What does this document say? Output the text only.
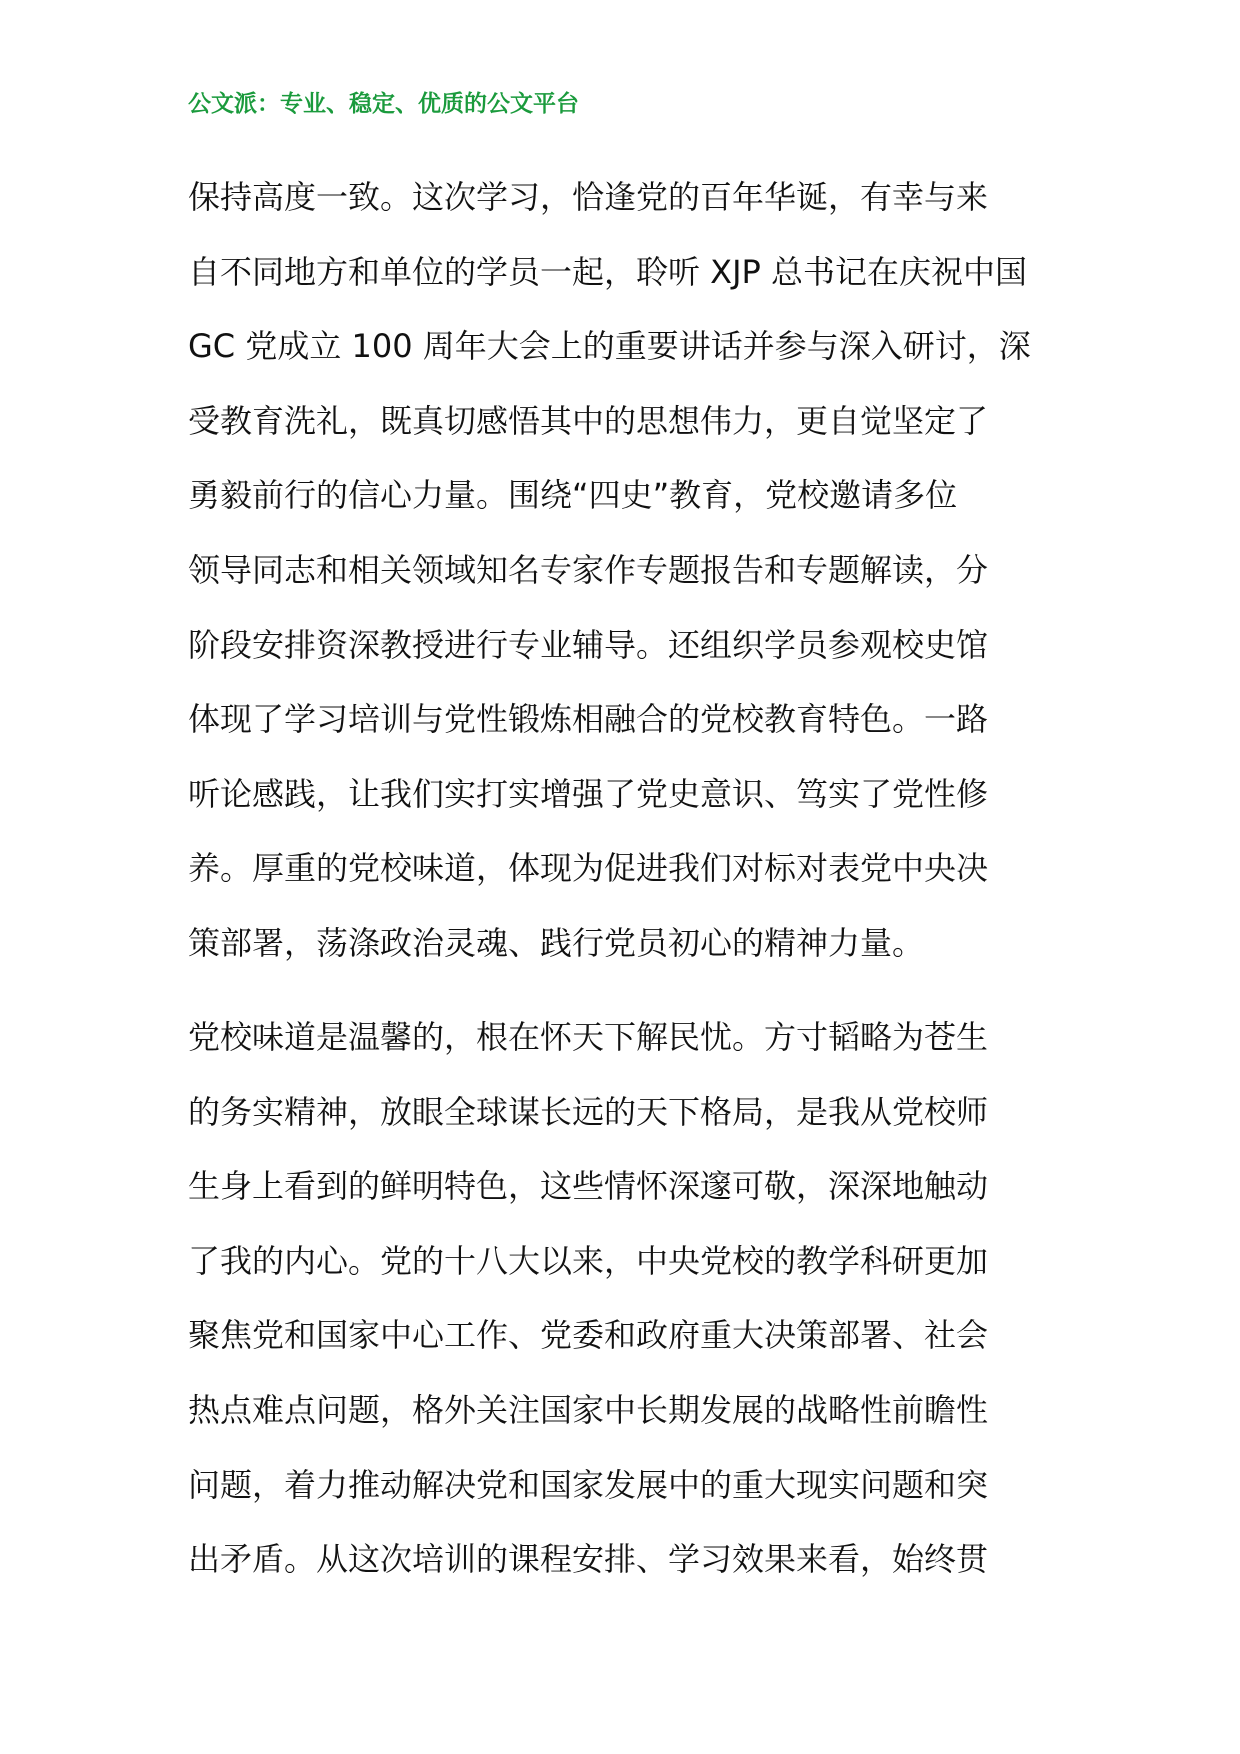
公文派：专业、稳定、优质的公文平台
保持高度一致。这次学习，恰逢党的百年华诞，有幸与来
自不同地方和单位的学员一起，聆听 XJP 总书记在庆祝中国
GC 党成立 100 周年大会上的重要讲话并参与深入研讨，深
受教育洗礼，既真切感悟其中的思想伟力，更自觉坚定了
勇毅前行的信心力量。围绕“四史”教育，党校邀请多位
领导同志和相关领域知名专家作专题报告和专题解读，分
阶段安排资深教授进行专业辅导。还组织学员参观校史馆
体现了学习培训与党性锻炼相融合的党校教育特色。一路
听论感践，让我们实打实增强了党史意识、笃实了党性修
养。厚重的党校味道，体现为促进我们对标对表党中央决
策部署，荡涤政治灵魂、践行党员初心的精神力量。
党校味道是温馨的，根在怀天下解民忧。方寸韬略为苍生
的务实精神，放眼全球谋长远的天下格局，是我从党校师
生身上看到的鲜明特色，这些情怀深邃可敬，深深地触动
了我的内心。党的十八大以来，中央党校的教学科研更加
聚焦党和国家中心工作、党委和政府重大决策部署、社会
热点难点问题，格外关注国家中长期发展的战略性前瞻性
问题，着力推动解决党和国家发展中的重大现实问题和突
出矛盾。从这次培训的课程安排、学习效果来看，始终贯
